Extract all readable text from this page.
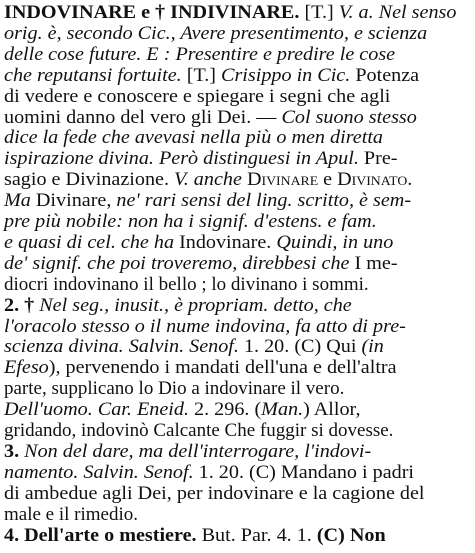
INDOVINARE e † INDIVINARE. [T.] V. a. Nel senso
orig. è, secondo Cic., Avere presentimento, e scienza
delle cose future. E : Presentire e predire le cose
che reputansi fortuite. [T.] Crisippo in Cic. Potenza
di vedere e conoscere e spiegare i segni che agli
uomini danno del vero gli Dei. — Col suono stesso
dice la fede che avevasi nella più o men diretta
ispirazione divina. Però distinguesi in Apul. Pre-
sagio e Divinazione. V. anche Divinare e Divinato.
Ma Divinare, ne' rari sensi del ling. scritto, è sem-
pre più nobile: non ha i signif. d'estens. e fam.
e quasi di cel. che ha Indovinare. Quindi, in uno
de' signif. che poi troveremo, direbbesi che I me-
diocri indovinano il bello ; lo divinano i sommi.
2. † Nel seg., inusit., è propriam. detto, che
l'oracolo stesso o il nume indovina, fa atto di pre-
scienza divina. Salvin. Senof. 1. 20. (C) Qui (in
Efeso), pervenendo i mandati dell'una e dell'altra
parte, supplicano lo Dio a indovinare il vero.
Dell'uomo. Car. Eneid. 2. 296. (Man.) Allor,
gridando, indovinò Calcante Che fuggir si dovesse.
3. Non del dare, ma dell'interrogare, l'indovi-
namento. Salvin. Senof. 1. 20. (C) Mandano i padri
di ambedue agli Dei, per indovinare e la cagione del
male e il rimedio.
4. Dell'arte o mestiere. But. Par. 4. 1. (C) Non
